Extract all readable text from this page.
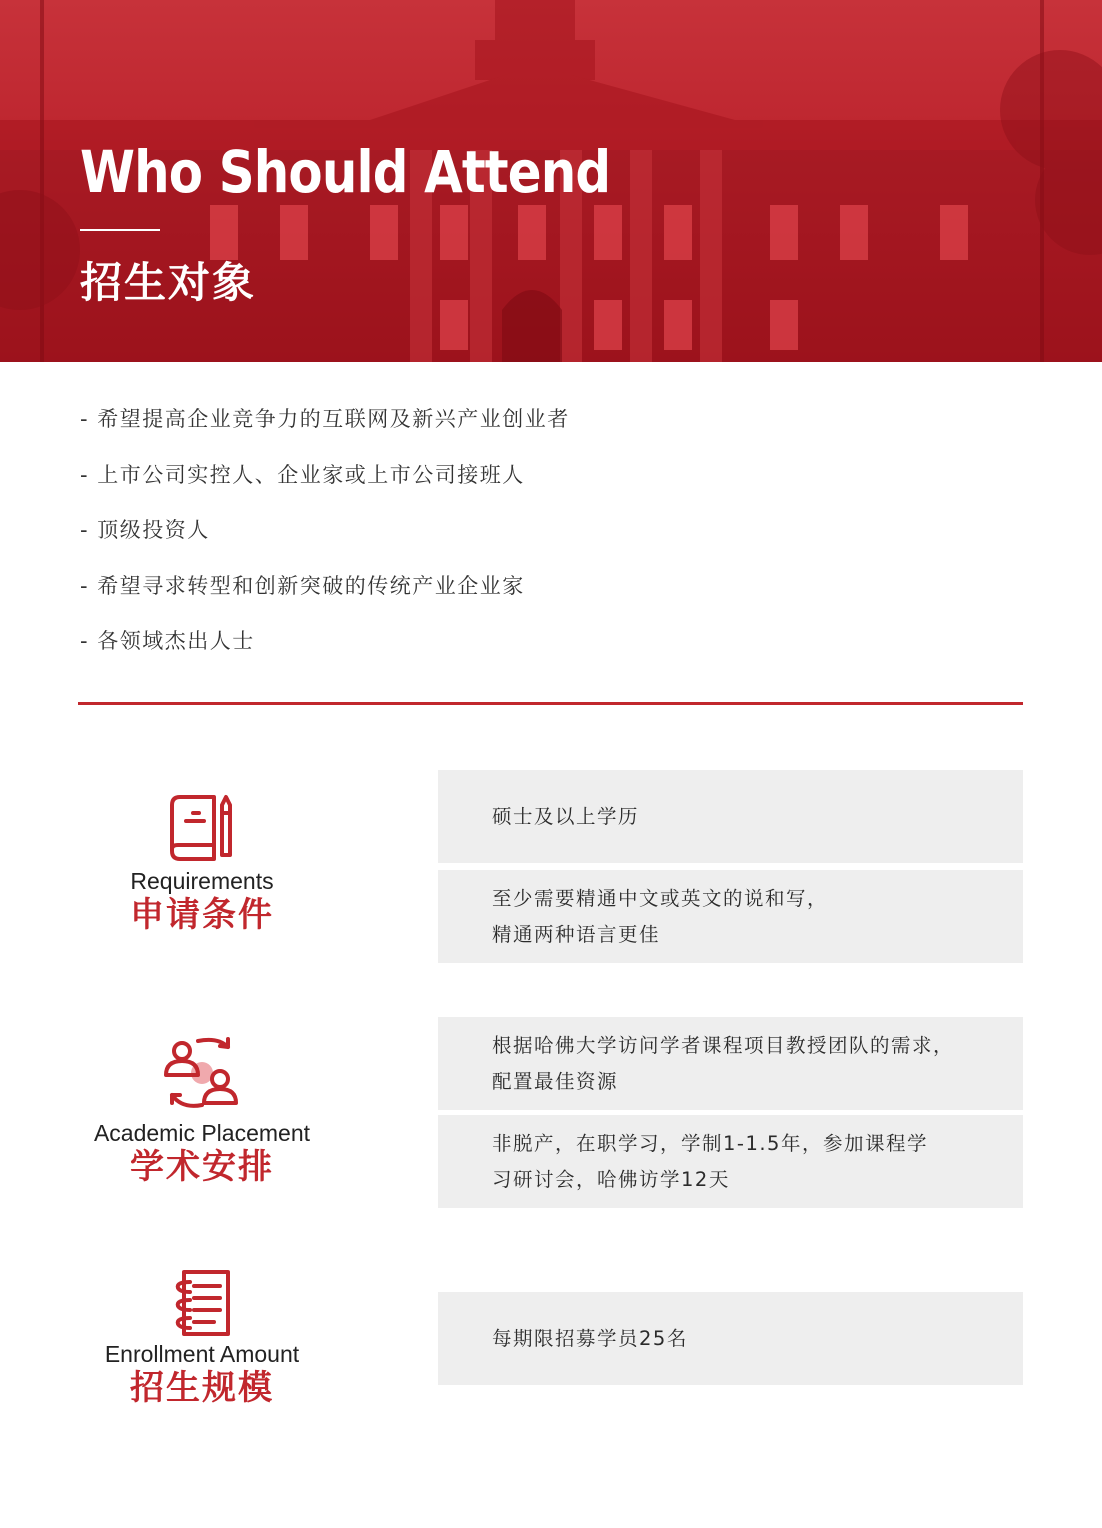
Who Should Attend
招生对象
- 希望提高企业竞争力的互联网及新兴产业创业者
- 上市公司实控人、企业家或上市公司接班人
- 顶级投资人
- 希望寻求转型和创新突破的传统产业企业家
- 各领域杰出人士
Requirements
申请条件
硕士及以上学历
至少需要精通中文或英文的说和写，
精通两种语言更佳
Academic Placement
学术安排
根据哈佛大学访问学者课程项目教授团队的需求，
配置最佳资源
非脱产，在职学习，学制1-1.5年，参加课程学
习研讨会，哈佛访学12天
Enrollment Amount
招生规模
每期限招募学员25名
